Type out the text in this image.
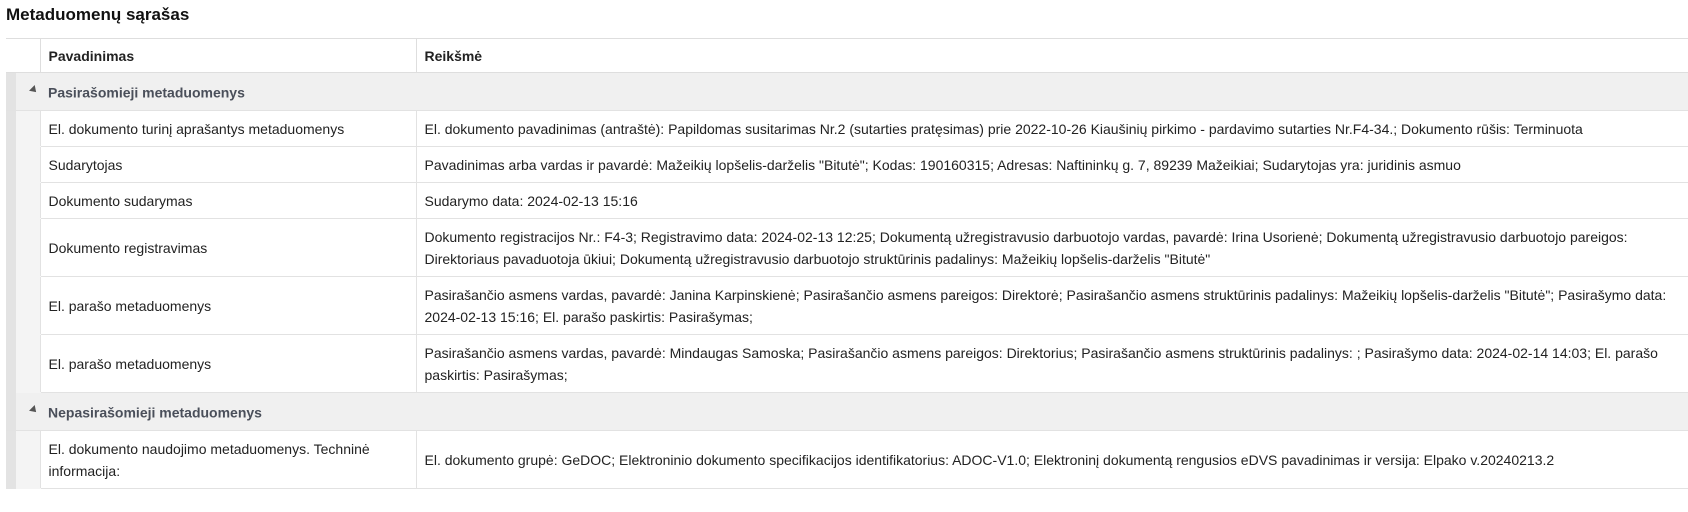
Metaduomenų sąrašas
		Pavadinimas	Reikšmė
	Pasirašomieji metaduomenys		
		El. dokumento turinį aprašantys metaduomenys	El. dokumento pavadinimas (antraštė): Papildomas susitarimas Nr.2 (sutarties pratęsimas) prie 2022-10-26 Kiaušinių pirkimo - pardavimo sutarties Nr.F4-34.; Dokumento rūšis: Terminuota
		Sudarytojas	Pavadinimas arba vardas ir pavardė: Mažeikių lopšelis-darželis "Bitutė"; Kodas: 190160315; Adresas: Naftininkų g. 7, 89239 Mažeikiai; Sudarytojas yra: juridinis asmuo
		Dokumento sudarymas	Sudarymo data: 2024-02-13 15:16
		Dokumento registravimas	Dokumento registracijos Nr.: F4-3; Registravimo data: 2024-02-13 12:25; Dokumentą užregistravusio darbuotojo vardas, pavardė: Irina Usorienė; Dokumentą užregistravusio darbuotojo pareigos: Direktoriaus pavaduotoja ūkiui; Dokumentą užregistravusio darbuotojo struktūrinis padalinys: Mažeikių lopšelis-darželis "Bitutė"
		El. parašo metaduomenys	Pasirašančio asmens vardas, pavardė: Janina Karpinskienė; Pasirašančio asmens pareigos: Direktorė; Pasirašančio asmens struktūrinis padalinys: Mažeikių lopšelis-darželis "Bitutė"; Pasirašymo data: 2024-02-13 15:16; El. parašo paskirtis: Pasirašymas;
		El. parašo metaduomenys	Pasirašančio asmens vardas, pavardė: Mindaugas Samoska; Pasirašančio asmens pareigos: Direktorius; Pasirašančio asmens struktūrinis padalinys: ; Pasirašymo data: 2024-02-14 14:03; El. parašo paskirtis: Pasirašymas;
	Nepasirašomieji metaduomenys		
		El. dokumento naudojimo metaduomenys. Techninė informacija:	El. dokumento grupė: GeDOC; Elektroninio dokumento specifikacijos identifikatorius: ADOC-V1.0; Elektroninį dokumentą rengusios eDVS pavadinimas ir versija: Elpako v.20240213.2
